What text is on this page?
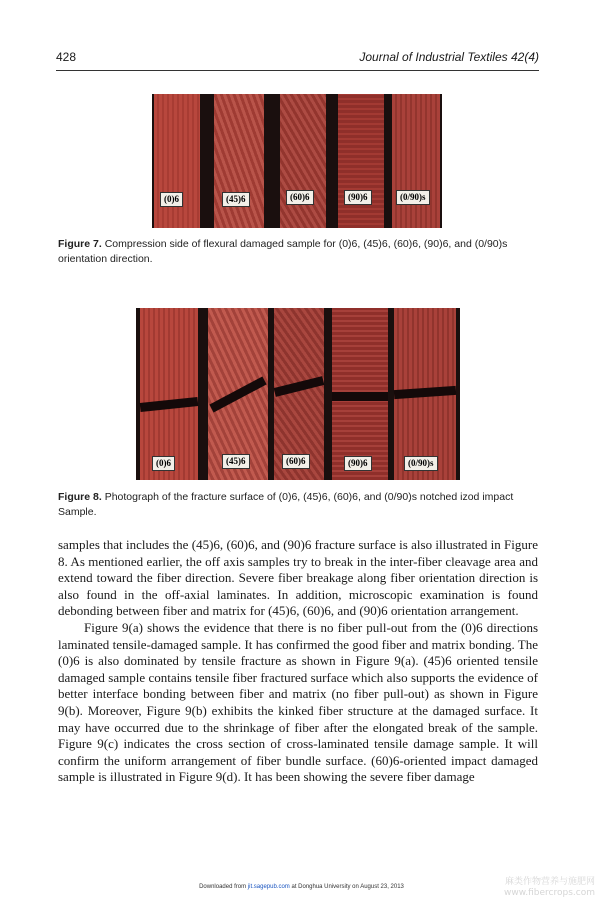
428	Journal of Industrial Textiles 42(4)
(0)6	(45)6	(60)6	(90)6	(0/90)s
Figure 7. Compression side of flexural damaged sample for (0)6, (45)6, (60)6, (90)6, and (0/90)s orientation direction.
(0)6	(45)6	(60)6	(90)6	(0/90)s
Figure 8. Photograph of the fracture surface of (0)6, (45)6, (60)6, and (0/90)s notched izod impact Sample.

samples that includes the (45)6, (60)6, and (90)6 fracture surface is also illustrated in Figure 8. As mentioned earlier, the off axis samples try to break in the inter-fiber cleavage area and extend toward the fiber direction. Severe fiber breakage along fiber orientation direction is also found in the off-axial laminates. In addition, microscopic examination is found debonding between fiber and matrix for (45)6, (60)6, and (90)6 orientation arrangement.

Figure 9(a) shows the evidence that there is no fiber pull-out from the (0)6 directions laminated tensile-damaged sample. It has confirmed the good fiber and matrix bonding. The (0)6 is also dominated by tensile fracture as shown in Figure 9(a). (45)6 oriented tensile damaged sample contains tensile fiber fractured surface which also supports the evidence of better interface bonding between fiber and matrix (no fiber pull-out) as shown in Figure 9(b). Moreover, Figure 9(b) exhibits the kinked fiber structure at the damaged surface. It may have occurred due to the shrinkage of fiber after the elongated break of the sample. Figure 9(c) indicates the cross section of cross-laminated tensile damage sample. It will confirm the uniform arrangement of fiber bundle surface. (60)6-oriented impact damaged sample is illustrated in Figure 9(d). It has been showing the severe fiber damage

Downloaded from jit.sagepub.com at Donghua University on August 23, 2013	麻类作物营养与施肥网
www.fibercrops.com
